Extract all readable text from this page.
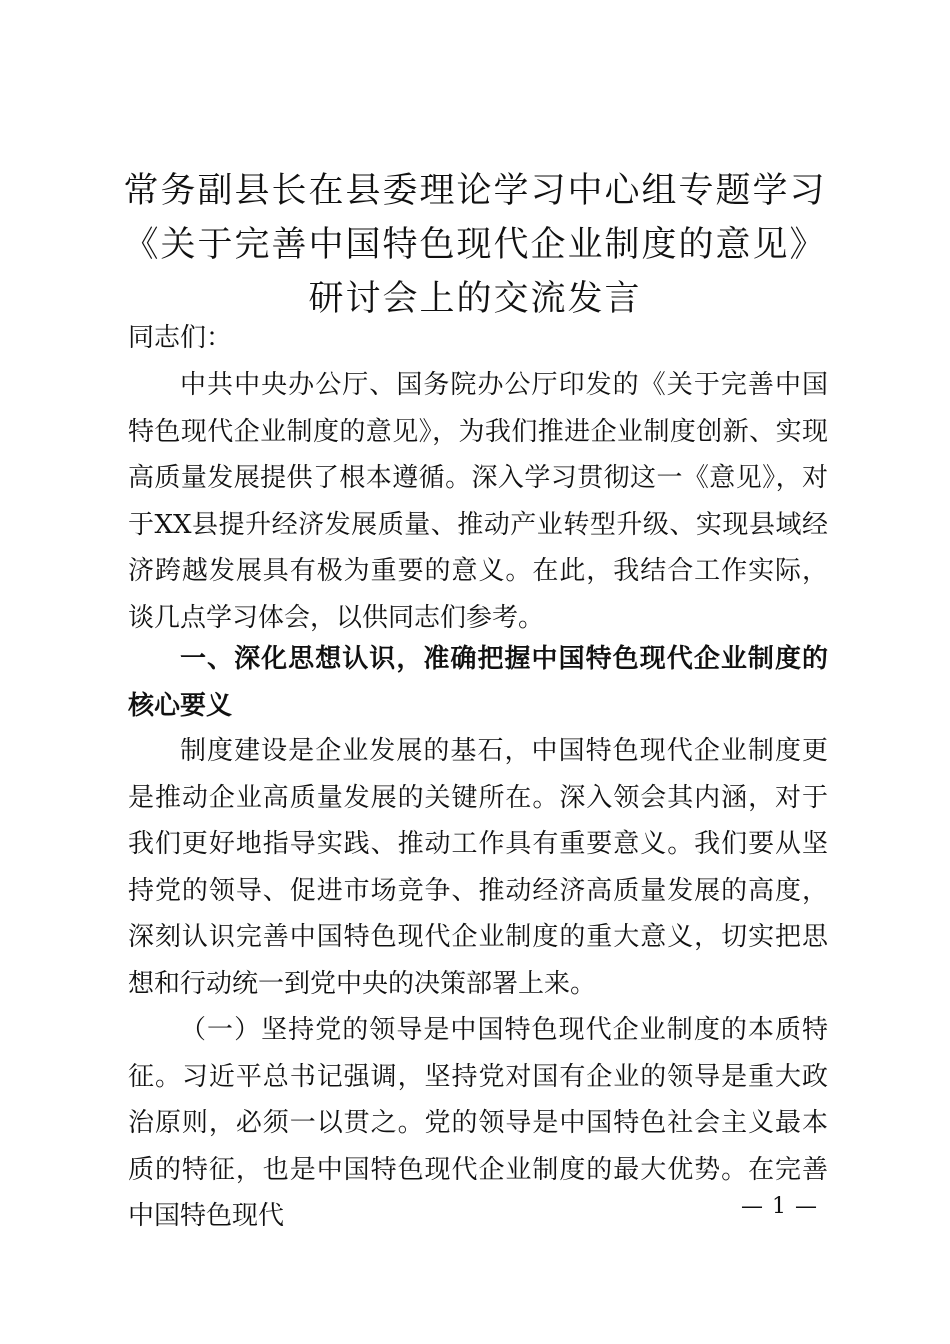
常务副县长在县委理论学习中心组专题学习《关于完善中国特色现代企业制度的意见》研讨会上的交流发言

同志们：

中共中央办公厅、国务院办公厅印发的《关于完善中国特色现代企业制度的意见》，为我们推进企业制度创新、实现高质量发展提供了根本遵循。深入学习贯彻这一《意见》，对于XX县提升经济发展质量、推动产业转型升级、实现县域经济跨越发展具有极为重要的意义。在此，我结合工作实际，谈几点学习体会，以供同志们参考。

一、深化思想认识，准确把握中国特色现代企业制度的核心要义

制度建设是企业发展的基石，中国特色现代企业制度更是推动企业高质量发展的关键所在。深入领会其内涵，对于我们更好地指导实践、推动工作具有重要意义。我们要从坚持党的领导、促进市场竞争、推动经济高质量发展的高度，深刻认识完善中国特色现代企业制度的重大意义，切实把思想和行动统一到党中央的决策部署上来。

（一）坚持党的领导是中国特色现代企业制度的本质特征。习近平总书记强调，坚持党对国有企业的领导是重大政治原则，必须一以贯之。党的领导是中国特色社会主义最本质的特征，也是中国特色现代企业制度的最大优势。在完善中国特色现代	— 1 —
